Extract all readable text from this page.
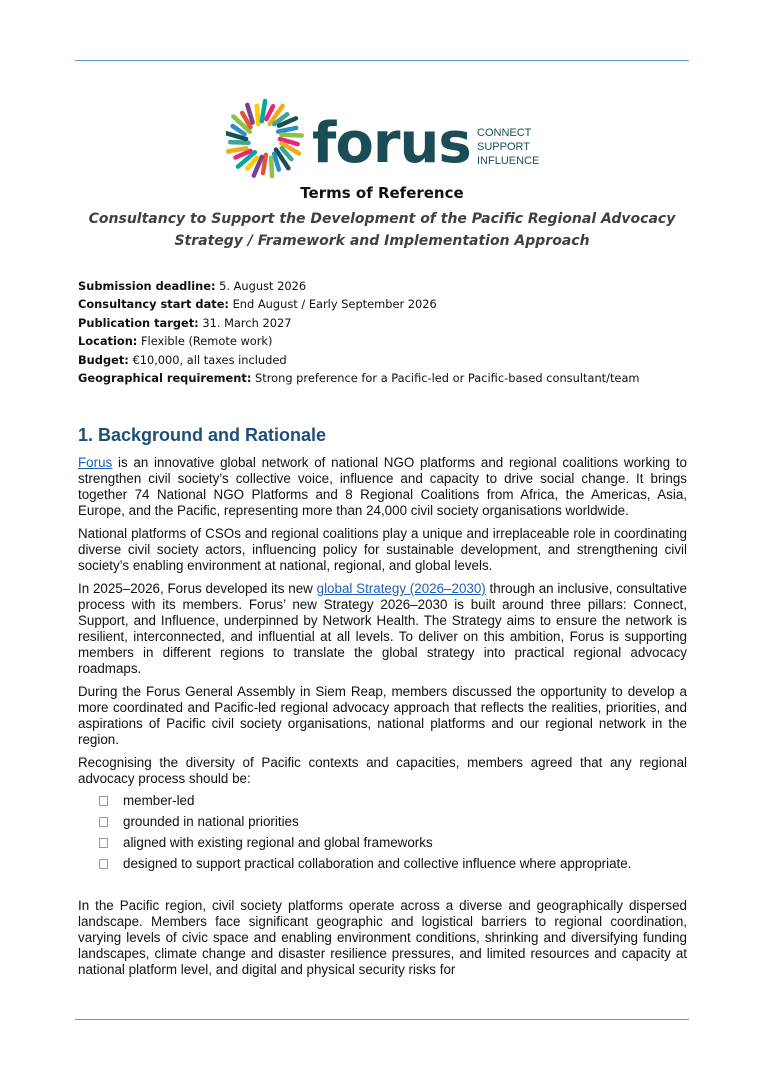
forus CONNECT
SUPPORT
INFLUENCE
Terms of Reference
Consultancy to Support the Development of the Pacific Regional Advocacy Strategy / Framework and Implementation Approach
Submission deadline: 5. August 2026
Consultancy start date: End August / Early September 2026
Publication target: 31. March 2027
Location: Flexible (Remote work)
Budget: €10,000, all taxes included
Geographical requirement: Strong preference for a Pacific-led or Pacific-based consultant/team
1. Background and Rationale

Forus is an innovative global network of national NGO platforms and regional coalitions working to strengthen civil society’s collective voice, influence and capacity to drive social change. It brings together 74 National NGO Platforms and 8 Regional Coalitions from Africa, the Americas, Asia, Europe, and the Pacific, representing more than 24,000 civil society organisations worldwide.

National platforms of CSOs and regional coalitions play a unique and irreplaceable role in coordinating diverse civil society actors, influencing policy for sustainable development, and strengthening civil society’s enabling environment at national, regional, and global levels.

In 2025–2026, Forus developed its new global Strategy (2026–2030) through an inclusive, consultative process with its members. Forus’ new Strategy 2026–2030 is built around three pillars: Connect, Support, and Influence, underpinned by Network Health. The Strategy aims to ensure the network is resilient, interconnected, and influential at all levels. To deliver on this ambition, Forus is supporting members in different regions to translate the global strategy into practical regional advocacy roadmaps.

During the Forus General Assembly in Siem Reap, members discussed the opportunity to develop a more coordinated and Pacific-led regional advocacy approach that reflects the realities, priorities, and aspirations of Pacific civil society organisations, national platforms and our regional network in the region.

Recognising the diversity of Pacific contexts and capacities, members agreed that any regional advocacy process should be:

member-led
grounded in national priorities
aligned with existing regional and global frameworks
designed to support practical collaboration and collective influence where appropriate.

In the Pacific region, civil society platforms operate across a diverse and geographically dispersed landscape. Members face significant geographic and logistical barriers to regional coordination, varying levels of civic space and enabling environment conditions, shrinking and diversifying funding landscapes, climate change and disaster resilience pressures, and limited resources and capacity at national platform level, and digital and physical security risks for
